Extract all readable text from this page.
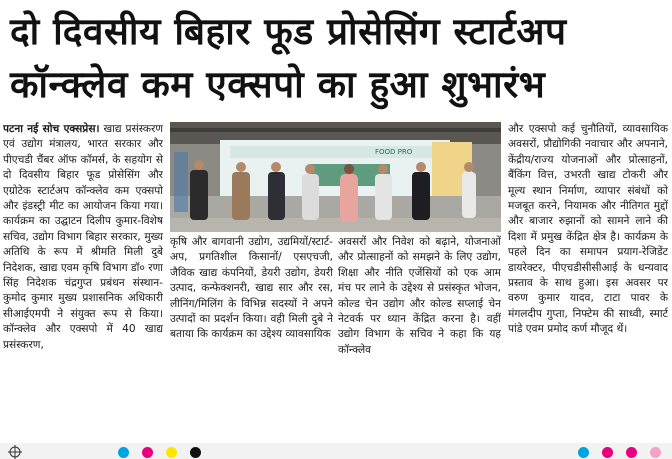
दो दिवसीय बिहार फूड प्रोसेसिंग स्टार्टअप
कॉन्क्लेव कम एक्सपो का हुआ शुभारंभ
पटना नई सोच एक्सप्रेस। खाद्य प्रसंस्करण एवं उद्योग मंत्रालय, भारत सरकार और पीएचडी चैंबर ऑफ कॉमर्स, के सहयोग से दो दिवसीय बिहार फूड प्रोसेसिंग और एग्रोटेक स्टार्टअप कॉन्क्लेव कम एक्सपो और इंडस्ट्री मीट का आयोजन किया गया। कार्यक्रम का उद्घाटन दिलीप कुमार-विशेष सचिव, उद्योग विभाग बिहार सरकार, मुख्य अतिथि के रूप में श्रीमति मिली दुबे निदेशक, खाद्य एवम कृषि विभाग डॉ० रणा सिंह निदेशक चंद्रगुप्त प्रबंधन संस्थान- कुमोद कुमार मुख्य प्रशासनिक अधिकारी सीआईएमपी ने संयुक्त रूप से किया। कॉन्क्लेव और एक्सपो में 40 खाद्य प्रसंस्करण,
FOOD PRO
कृषि और बागवानी उद्योग, उद्यमियों/स्टार्ट-अप, प्रगतिशील किसानों/ एसएचजी, जैविक खाद्य कंपनियों, डेयरी उद्योग, डेयरी उत्पाद, कन्फेक्शनरी, खाद्य सार और रस, लीनिंग/मिलिंग के विभिन्न सदस्यों ने अपने उत्पादों का प्रदर्शन किया। वही मिली दुबे ने बताया कि कार्यक्रम का उद्देश्य व्यावसायिक
अवसरों और निवेश को बढ़ाने, योजनाओं और प्रोत्साहनों को समझने के लिए उद्योग, शिक्षा और नीति एजेंसियों को एक आम मंच पर लाने के उद्देश्य से प्रसंस्कृत भोजन, कोल्ड चेन उद्योग और कोल्ड सप्लाई चेन नेटवर्क पर ध्यान केंद्रित करना है। वहीं उद्योग विभाग के सचिव ने कहा कि यह कॉन्क्लेव
और एक्सपो कई चुनौतियों, व्यावसायिक अवसरों, प्रौद्योगिकी नवाचार और अपनाने, केंद्रीय/राज्य योजनाओं और प्रोत्साहनों, बैंकिंग वित्त, उभरती खाद्य टोकरी और मूल्य स्थान निर्माण, व्यापार संबंधों को मजबूत करने, नियामक और नीतिगत मुद्दों और बाजार रुझानों को सामने लाने की दिशा में प्रमुख केंद्रित क्षेत्र है। कार्यक्रम के पहले दिन का समापन प्रयाग-रेजिडेंट डायरेक्टर, पीएचडीसीसीआई के धन्यवाद प्रस्ताव के साथ हुआ। इस अवसर पर वरुण कुमार यादव, टाटा पावर के मंगलदीप गुप्ता, निफ्टेम की साध्वी, स्मार्ट पांडे एवम प्रमोद कर्ण मौजूद थें।
